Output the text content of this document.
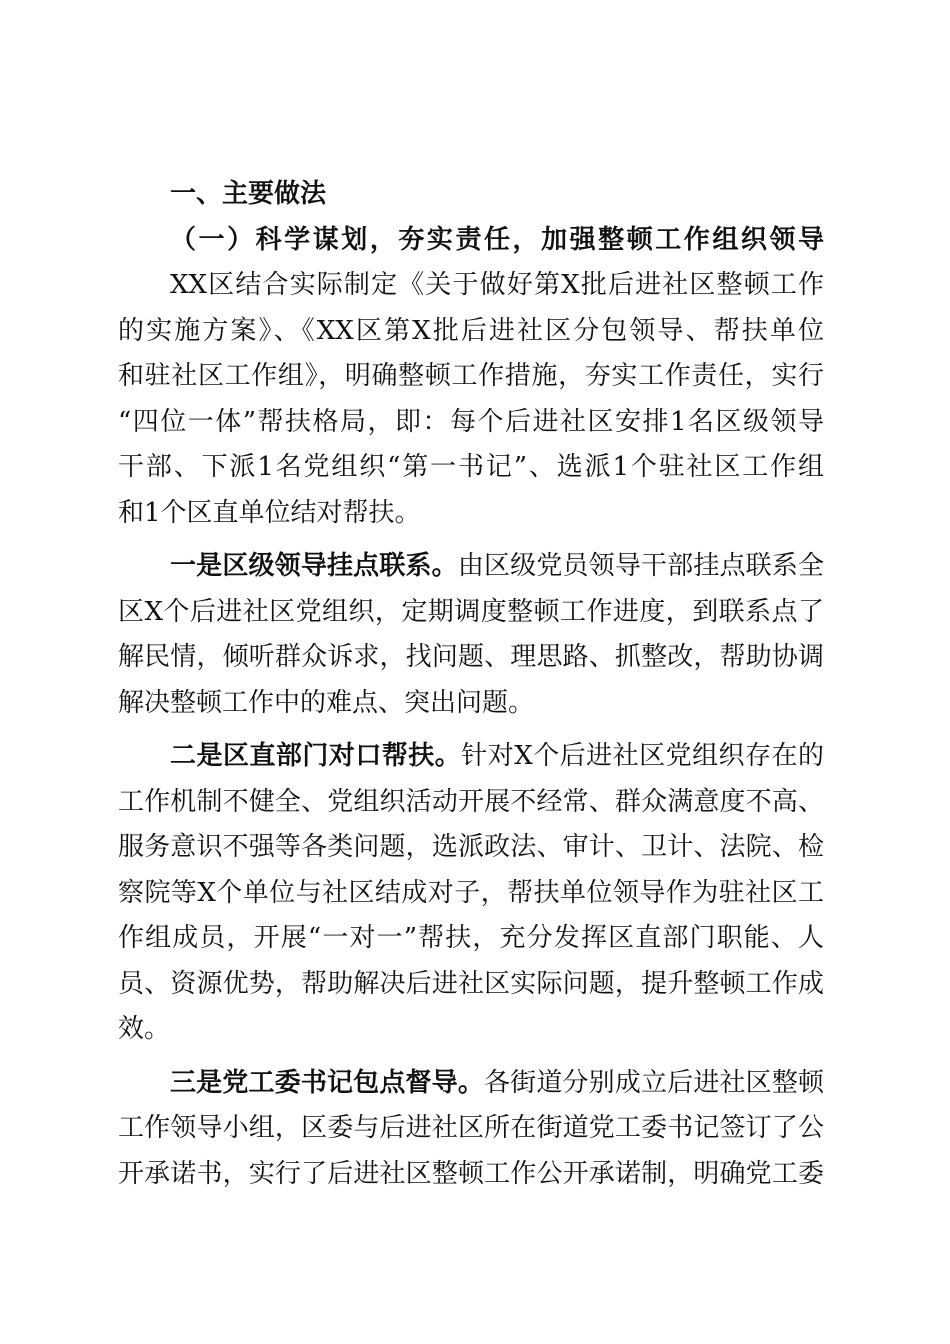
一、主要做法
（一）科学谋划，夯实责任，加强整顿工作组织领导
XX区结合实际制定《关于做好第X批后进社区整顿工作
的实施方案》、《XX区第X批后进社区分包领导、帮扶单位
和驻社区工作组》，明确整顿工作措施，夯实工作责任，实行
“四位一体”帮扶格局，即：每个后进社区安排1名区级领导
干部、下派1名党组织“第一书记”、选派1个驻社区工作组
和1个区直单位结对帮扶。
一是区级领导挂点联系。由区级党员领导干部挂点联系全
区X个后进社区党组织，定期调度整顿工作进度，到联系点了
解民情，倾听群众诉求，找问题、理思路、抓整改，帮助协调
解决整顿工作中的难点、突出问题。
二是区直部门对口帮扶。针对X个后进社区党组织存在的
工作机制不健全、党组织活动开展不经常、群众满意度不高、
服务意识不强等各类问题，选派政法、审计、卫计、法院、检
察院等X个单位与社区结成对子，帮扶单位领导作为驻社区工
作组成员，开展“一对一”帮扶，充分发挥区直部门职能、人
员、资源优势，帮助解决后进社区实际问题，提升整顿工作成
效。
三是党工委书记包点督导。各街道分别成立后进社区整顿
工作领导小组，区委与后进社区所在街道党工委书记签订了公
开承诺书，实行了后进社区整顿工作公开承诺制，明确党工委
